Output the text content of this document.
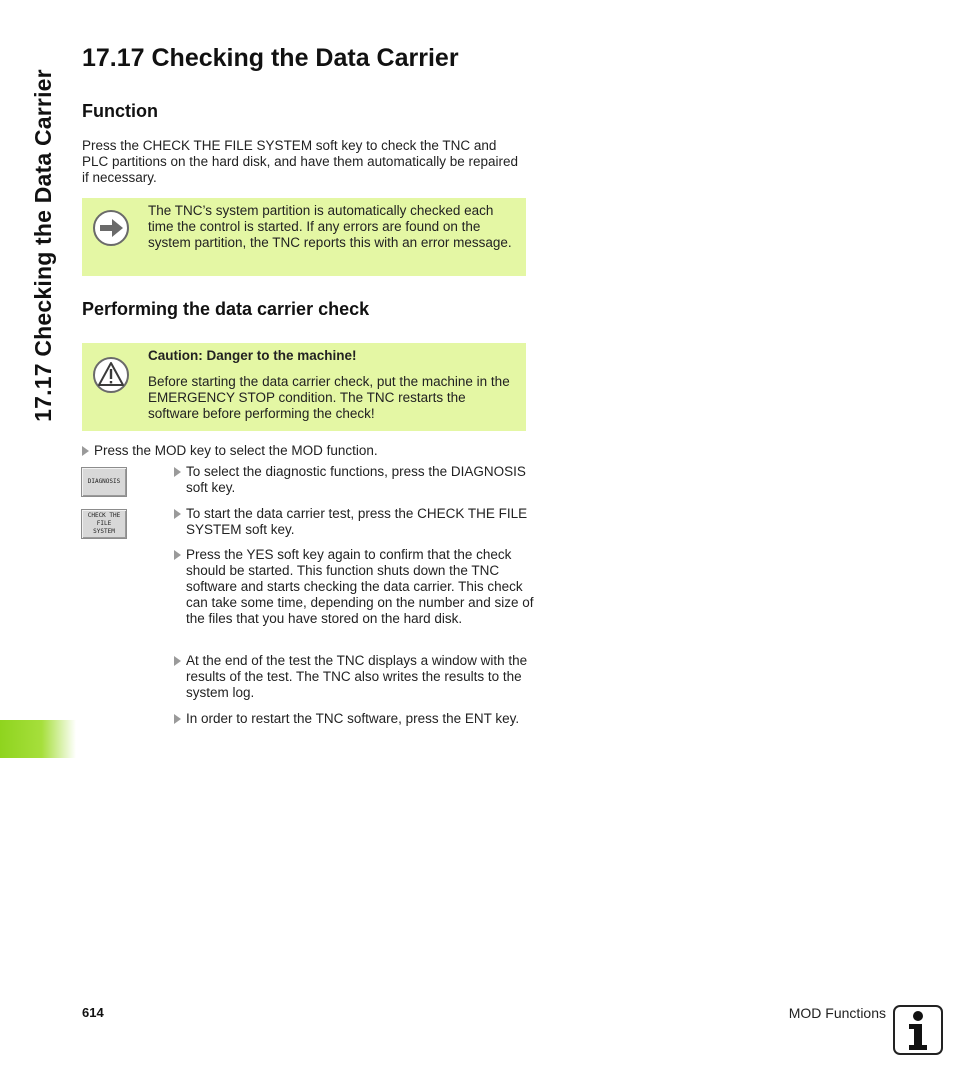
17.17 Checking the Data Carrier
17.17 Checking the Data Carrier
Function

Press the CHECK THE FILE SYSTEM soft key to check the TNC and PLC partitions on the hard disk, and have them automatically be repaired if necessary.

The TNC’s system partition is automatically checked each time the control is started. If any errors are found on the system partition, the TNC reports this with an error message.

Performing the data carrier check

Caution: Danger to the machine!

Before starting the data carrier check, put the machine in the EMERGENCY STOP condition. The TNC restarts the software before performing the check!

Press the MOD key to select the MOD function.

DIAGNOSIS

To select the diagnostic functions, press the DIAGNOSIS soft key.

CHECK THE
FILE
SYSTEM

To start the data carrier test, press the CHECK THE FILE SYSTEM soft key.

Press the YES soft key again to confirm that the check should be started. This function shuts down the TNC software and starts checking the data carrier. This check can take some time, depending on the number and size of the files that you have stored on the hard disk.

At the end of the test the TNC displays a window with the results of the test. The TNC also writes the results to the system log.

In order to restart the TNC software, press the ENT key.

614	MOD Functions
